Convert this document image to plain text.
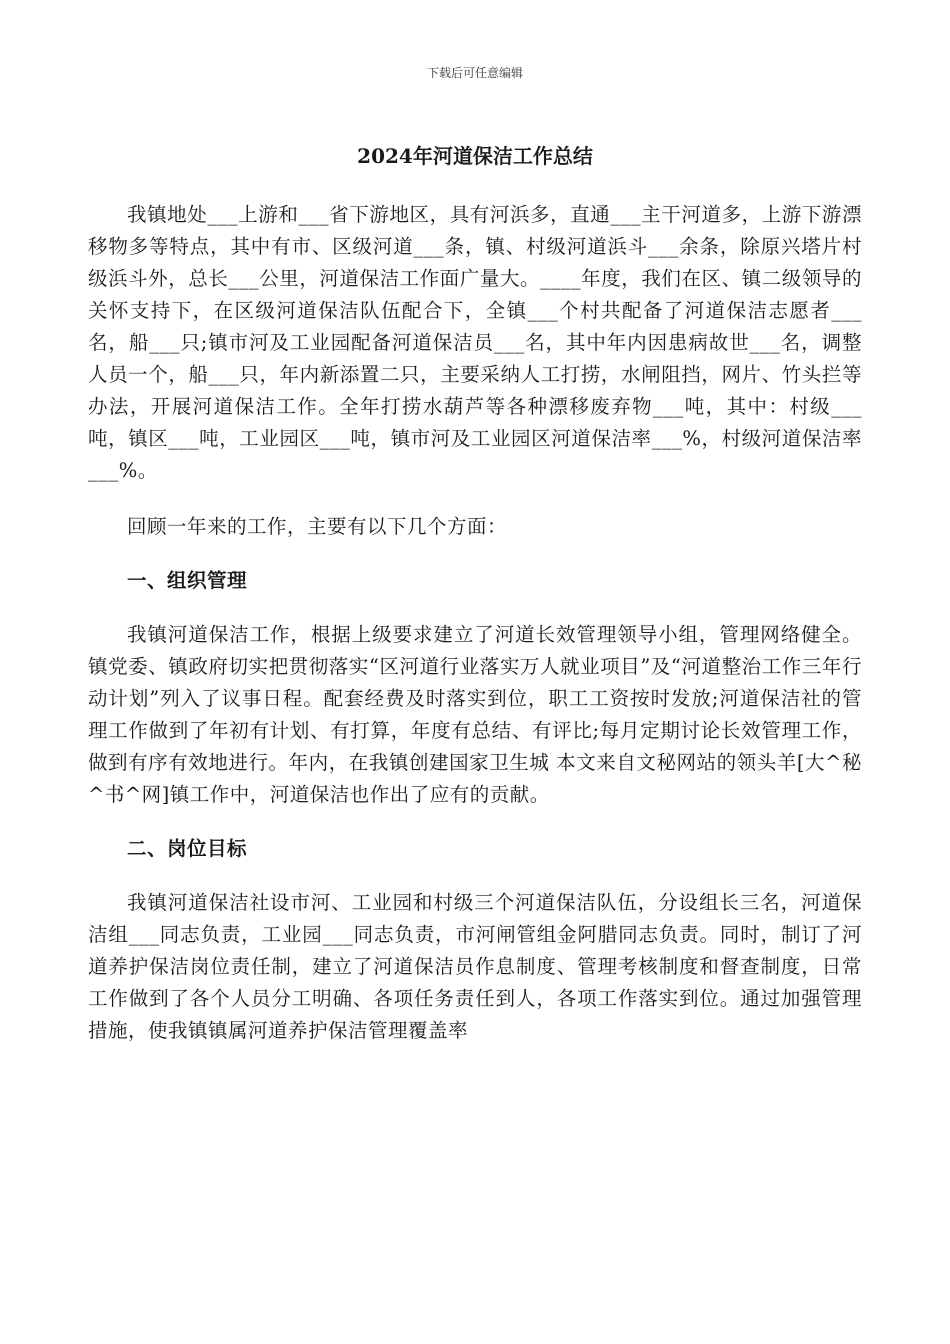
下载后可任意编辑
2024年河道保洁工作总结

我镇地处___上游和___省下游地区，具有河浜多，直通___主干河道多，上游下游漂移物多等特点，其中有市、区级河道___条，镇、村级河道浜斗___余条，除原兴塔片村级浜斗外，总长___公里，河道保洁工作面广量大。____年度，我们在区、镇二级领导的关怀支持下，在区级河道保洁队伍配合下，全镇___个村共配备了河道保洁志愿者___名，船___只;镇市河及工业园配备河道保洁员___名，其中年内因患病故世___名，调整人员一个，船___只，年内新添置二只，主要采纳人工打捞，水闸阻挡，网片、竹头拦等办法，开展河道保洁工作。全年打捞水葫芦等各种漂移废弃物___吨，其中：村级___吨，镇区___吨，工业园区___吨，镇市河及工业园区河道保洁率___%，村级河道保洁率___%。

回顾一年来的工作，主要有以下几个方面：

一、组织管理

我镇河道保洁工作，根据上级要求建立了河道长效管理领导小组，管理网络健全。镇党委、镇政府切实把贯彻落实“区河道行业落实万人就业项目”及“河道整治工作三年行动计划”列入了议事日程。配套经费及时落实到位，职工工资按时发放;河道保洁社的管理工作做到了年初有计划、有打算，年度有总结、有评比;每月定期讨论长效管理工作，做到有序有效地进行。年内，在我镇创建国家卫生城 本文来自文秘网站的领头羊[大^秘^书^网]镇工作中，河道保洁也作出了应有的贡献。

二、岗位目标

我镇河道保洁社设市河、工业园和村级三个河道保洁队伍，分设组长三名，河道保洁组___同志负责，工业园___同志负责，市河闸管组金阿腊同志负责。同时，制订了河道养护保洁岗位责任制，建立了河道保洁员作息制度、管理考核制度和督查制度，日常工作做到了各个人员分工明确、各项任务责任到人，各项工作落实到位。通过加强管理措施，使我镇镇属河道养护保洁管理覆盖率
